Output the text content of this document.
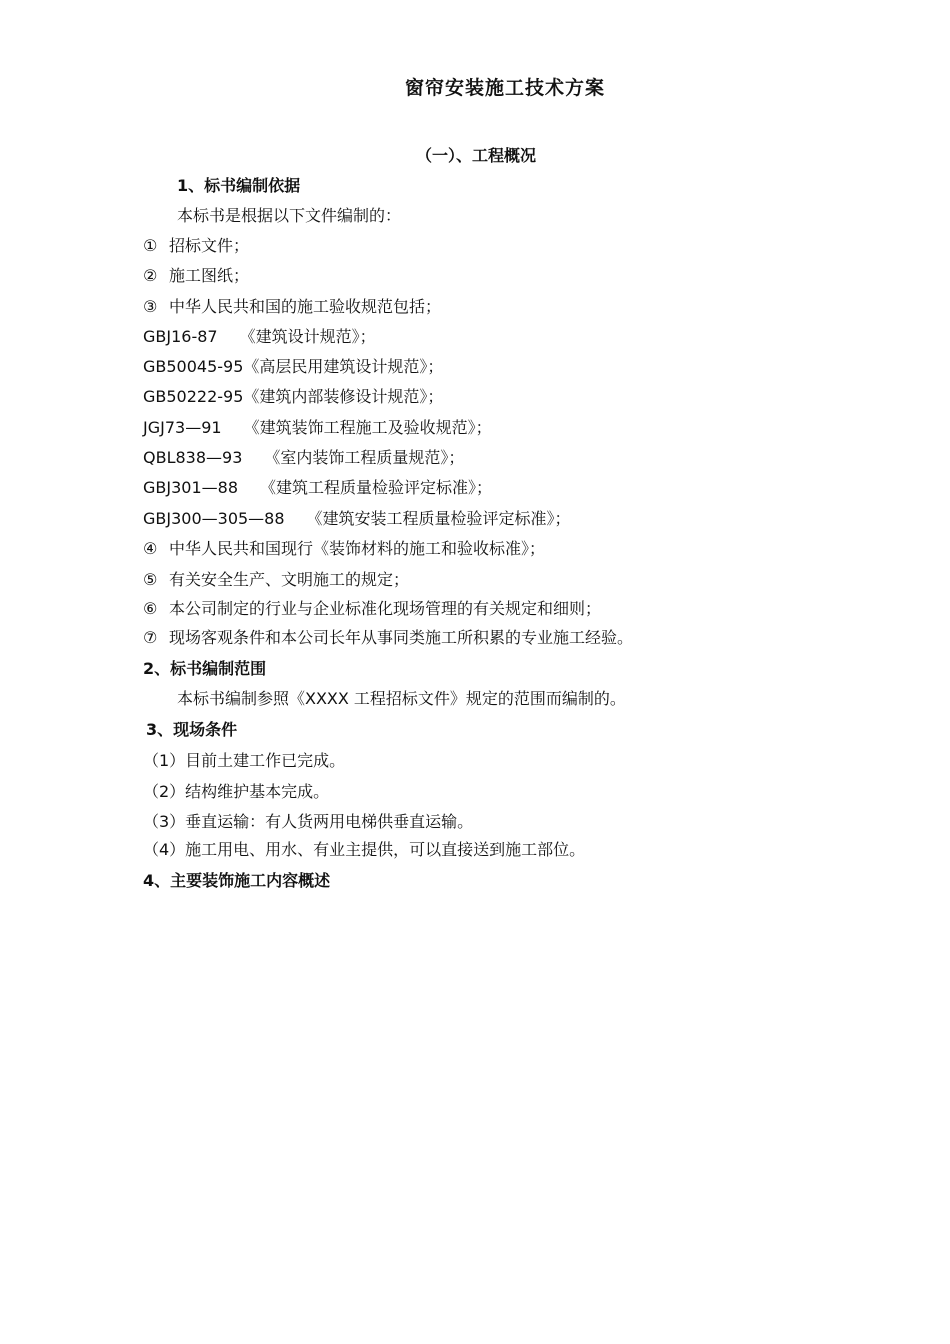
窗帘安装施工技术方案
（一）、工程概况
1、标书编制依据
本标书是根据以下文件编制的：
① 招标文件；
② 施工图纸；
③ 中华人民共和国的施工验收规范包括；
GBJ16-87 《建筑设计规范》；
GB50045-95《高层民用建筑设计规范》；
GB50222-95《建筑内部装修设计规范》；
JGJ73—91 《建筑装饰工程施工及验收规范》；
QBL838—93 《室内装饰工程质量规范》；
GBJ301—88 《建筑工程质量检验评定标准》；
GBJ300—305—88 《建筑安装工程质量检验评定标准》；
④ 中华人民共和国现行《装饰材料的施工和验收标准》；
⑤ 有关安全生产、文明施工的规定；
⑥ 本公司制定的行业与企业标准化现场管理的有关规定和细则；
⑦ 现场客观条件和本公司长年从事同类施工所积累的专业施工经验。
2、标书编制范围
本标书编制参照《XXXX 工程招标文件》规定的范围而编制的。
3、现场条件
（1）目前土建工作已完成。
（2）结构维护基本完成。
（3）垂直运输：有人货两用电梯供垂直运输。
（4）施工用电、用水、有业主提供，可以直接送到施工部位。
4、主要装饰施工内容概述
